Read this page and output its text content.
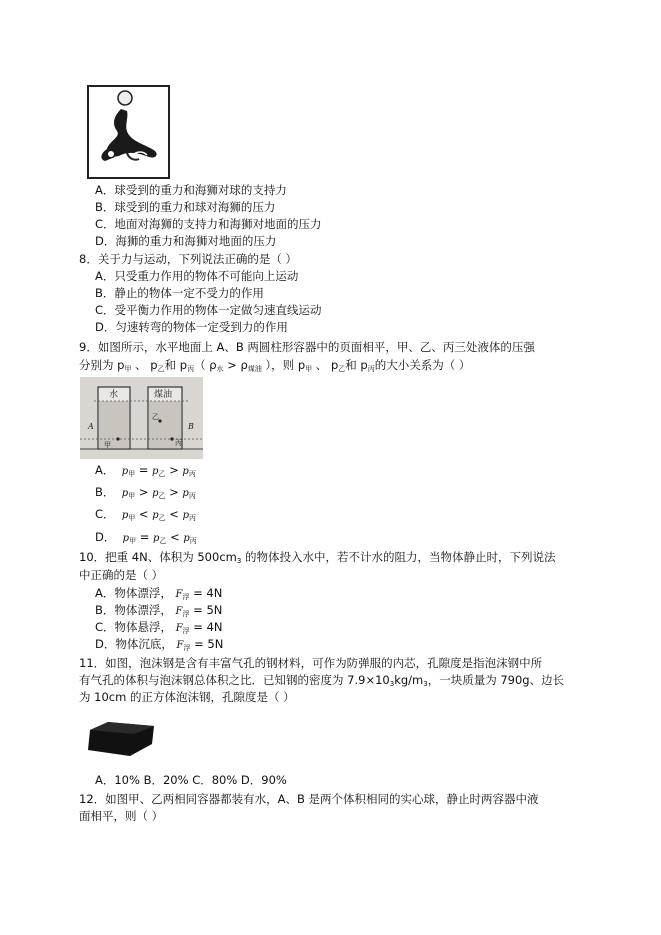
A．球受到的重力和海狮对球的支持力
B．球受到的重力和球对海狮的压力
C．地面对海狮的支持力和海狮对地面的压力
D．海狮的重力和海狮对地面的压力
8．关于力与运动，下列说法正确的是（ ）
A．只受重力作用的物体不可能向上运动
B．静止的物体一定不受力的作用
C．受平衡力作用的物体一定做匀速直线运动
D．匀速转弯的物体一定受到力的作用
9．如图所示，水平地面上 A、B 两圆柱形容器中的页面相平，甲、乙、丙三处液体的压强
分别为 $p_甲$ 、 $p_乙$和 $p_丙$（ $\rho_水 > \rho_{煤油}$ ），则 $p_甲$ 、 $p_乙$和 $p_丙$的大小关系为（ ）
水	煤油
A	B
甲
乙
丙
A． $p_甲 = p_乙 > p_丙$
B． $p_甲 > p_乙 > p_丙$
C． $p_甲 < p_乙 < p_丙$
D． $p_甲 = p_乙 < p_丙$
10．把重 4N、体积为 $500cm_3$ 的物体投入水中，若不计水的阻力，当物体静止时，下列说法
中正确的是（ ）
A．物体漂浮， $F_浮 = 4N$
B．物体漂浮， $F_浮 = 5N$
C．物体悬浮， $F_浮 = 4N$
D．物体沉底， $F_浮 = 5N$
11．如图，泡沫钢是含有丰富气孔的钢材料，可作为防弹服的内芯，孔隙度是指泡沫钢中所
有气孔的体积与泡沫钢总体积之比．已知钢的密度为 $7.9\times 10_3kg/m_3$，一块质量为 790g、边长
为 10cm 的正方体泡沫钢，孔隙度是（ ）
A．10% B．20% C．80% D．90%
12．如图甲、乙两相同容器都装有水，A、B 是两个体积相同的实心球，静止时两容器中液
面相平，则（ ）
